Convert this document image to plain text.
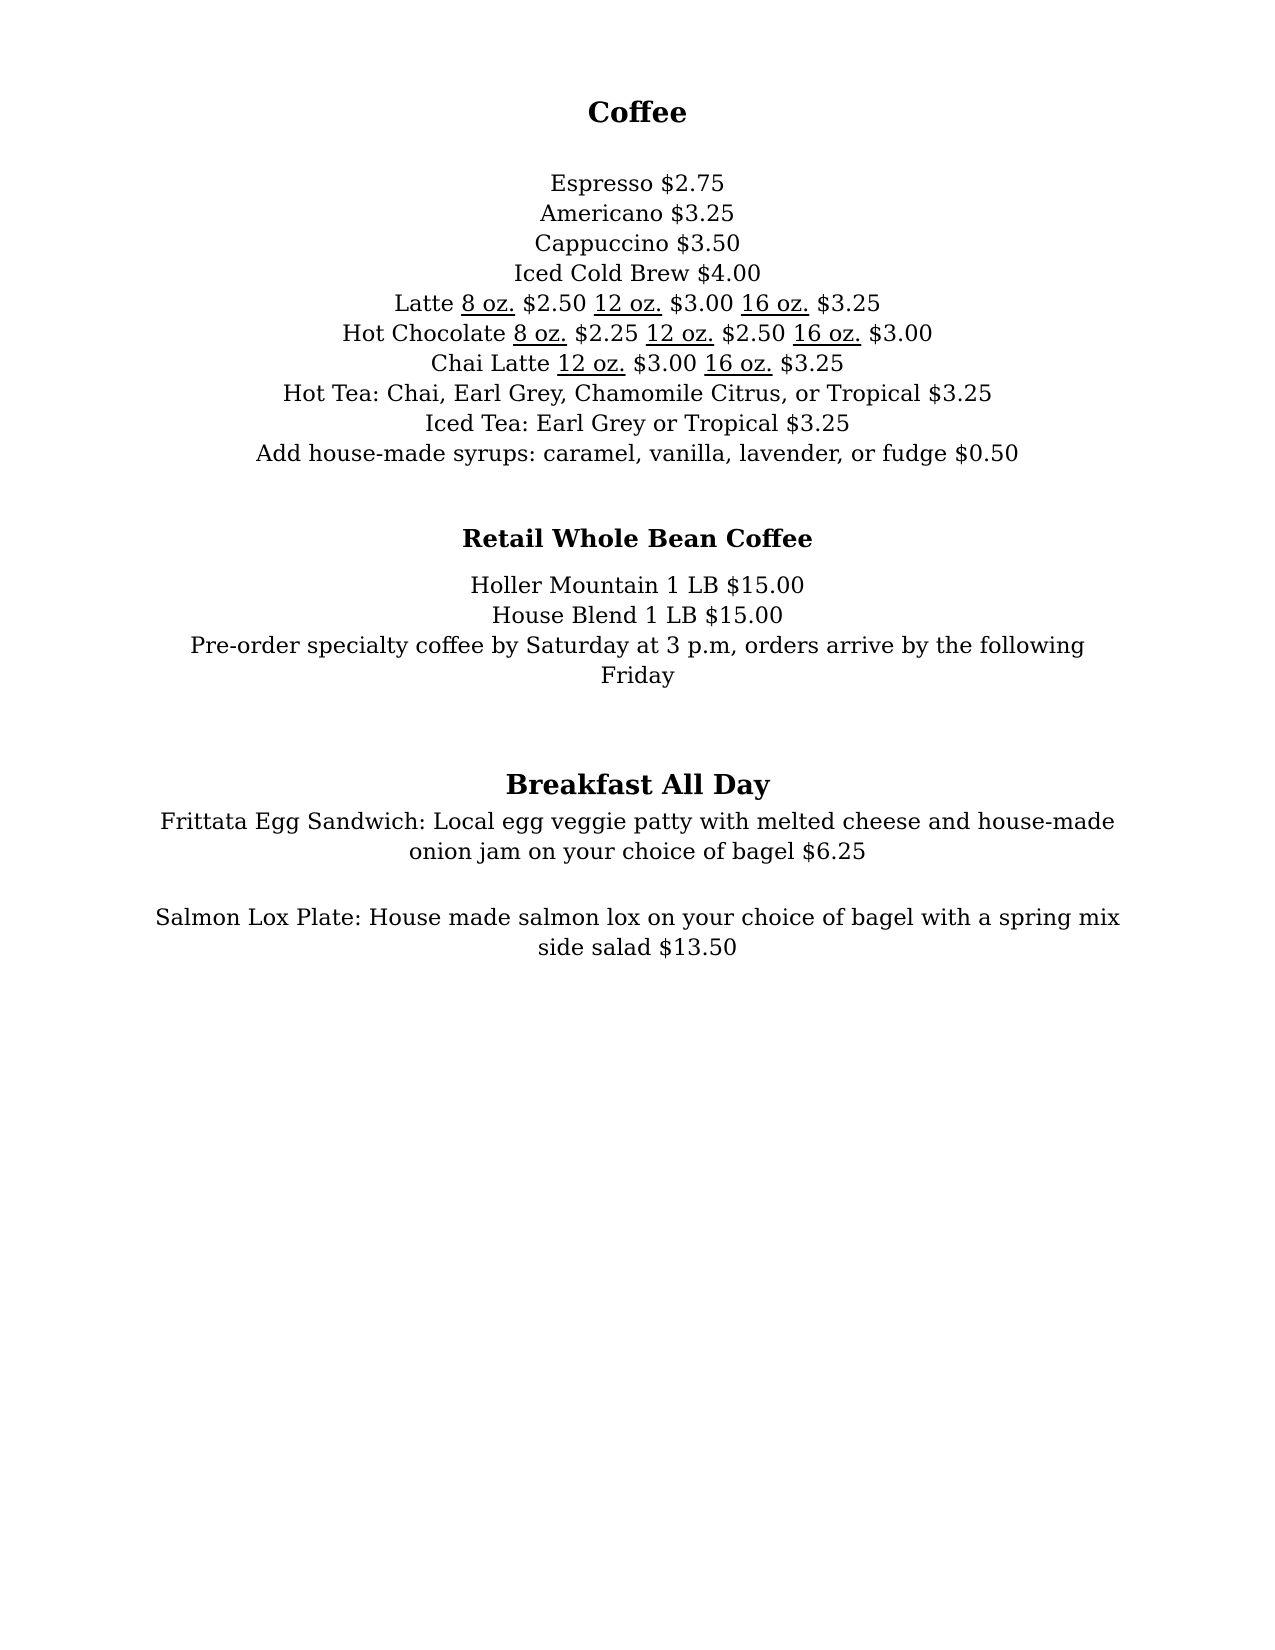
Coffee
Espresso $2.75
Americano $3.25
Cappuccino $3.50
Iced Cold Brew $4.00
Latte 8 oz. $2.50 12 oz. $3.00 16 oz. $3.25
Hot Chocolate 8 oz. $2.25 12 oz. $2.50 16 oz. $3.00
Chai Latte 12 oz. $3.00 16 oz. $3.25
Hot Tea: Chai, Earl Grey, Chamomile Citrus, or Tropical $3.25
Iced Tea: Earl Grey or Tropical $3.25
Add house-made syrups: caramel, vanilla, lavender, or fudge $0.50
Retail Whole Bean Coffee
Holler Mountain 1 LB $15.00
House Blend 1 LB $15.00
Pre-order specialty coffee by Saturday at 3 p.m, orders arrive by the following Friday
Breakfast All Day
Frittata Egg Sandwich: Local egg veggie patty with melted cheese and house-made onion jam on your choice of bagel $6.25
Salmon Lox Plate: House made salmon lox on your choice of bagel with a spring mix side salad $13.50
